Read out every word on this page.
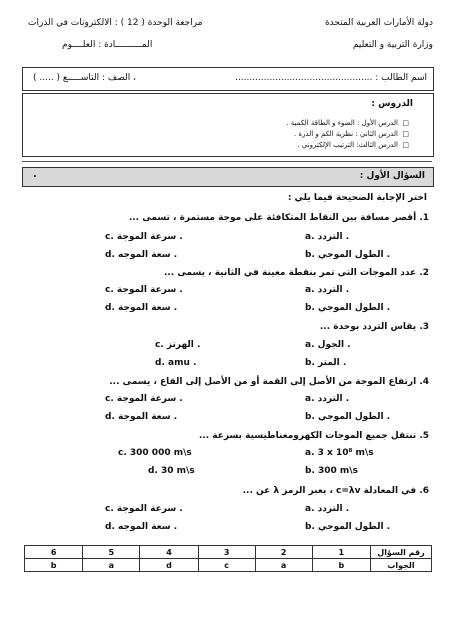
دولة الأمارات العربية المتحدة
وزارة التربية و التعليم
مراجعة الوحدة ( 12 ) : الالكترونات في الذرات
المــــــــــادة : العلــــوم
اسم الطالب : ................................................
، الصف : التاســـــع ( ..... )
الدروس :
□  الدرس الأول : الضوء و الطاقة الكمية .
□  الدرس الثاني : نظرية الكم و الذرة .
□  الدرس الثالث: الترتيب الإلكتروني .
السؤال الأول :
.
اختر الإجابة الصحيحة فيما يلي :
1. أقصر مسافة بين النقاط المتكافئة على موجة مستمرة ، تسمى ...
a. التردد .
b. الطول الموجي .
c. سرعة الموجة .
d. سعة الموجه .
2. عدد الموجات التي تمر بنقطة معينة في الثانية ، يسمى ...
a. التردد .
b. الطول الموجي .
c. سرعة الموجة .
d. سعة الموجة .
3. يقاس التردد بوحدة ...
a. الجول .
b. المتر .
c. الهرتز .
d. amu .
4. ارتفاع الموجة من الأصل إلى القمة أو من الأصل إلى القاع ، يسمى ...
a. التردد .
b. الطول الموجي .
c. سرعة الموجة .
d. سعة الموجة .
5. تنتقل جميع الموجات الكهرومغناطيسية بسرعة ...
a. 3 x 10⁸ m\s
b. 300 m\s
c. 300 000 m\s
d. 30 m\s
6. في المعادلة c=λv ، يعبر الرمز λ عن ...
a. التردد .
b. الطول الموجي .
c. سرعة الموجة .
d. سعة الموجه .
6	5	4	3	2	1	رقم السؤال
b	a	d	c	a	b	الجواب
